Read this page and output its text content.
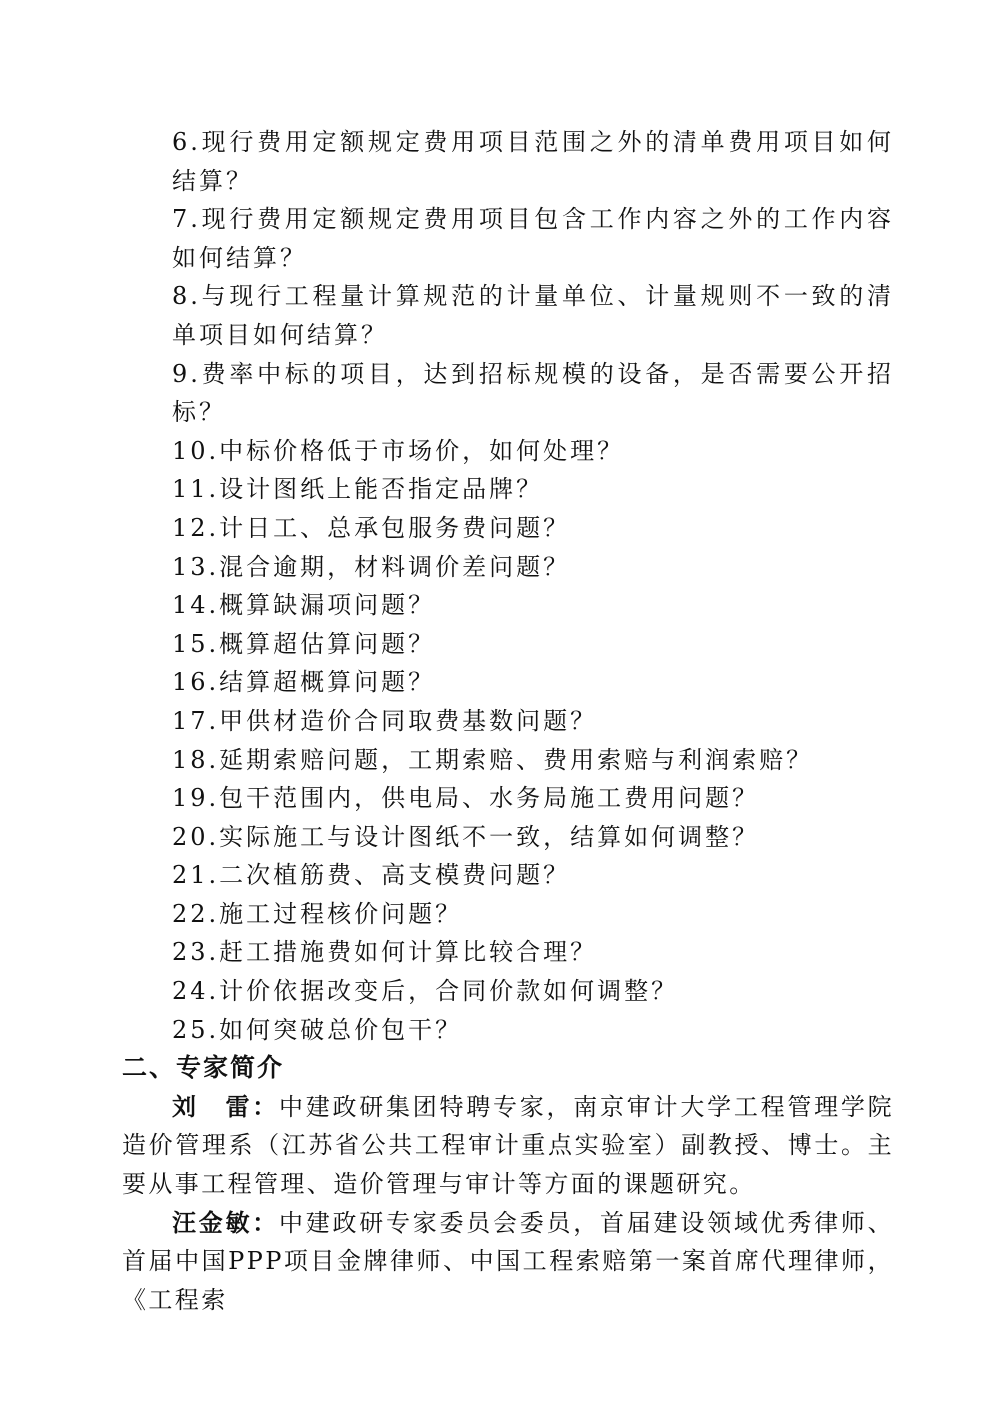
6.现行费用定额规定费用项目范围之外的清单费用项目如何结算？
7.现行费用定额规定费用项目包含工作内容之外的工作内容如何结算？
8.与现行工程量计算规范的计量单位、计量规则不一致的清单项目如何结算？
9.费率中标的项目，达到招标规模的设备，是否需要公开招标？
10.中标价格低于市场价，如何处理？
11.设计图纸上能否指定品牌？
12.计日工、总承包服务费问题？
13.混合逾期，材料调价差问题？
14.概算缺漏项问题？
15.概算超估算问题？
16.结算超概算问题？
17.甲供材造价合同取费基数问题？
18.延期索赔问题，工期索赔、费用索赔与利润索赔？
19.包干范围内，供电局、水务局施工费用问题？
20.实际施工与设计图纸不一致，结算如何调整？
21.二次植筋费、高支模费问题？
22.施工过程核价问题？
23.赶工措施费如何计算比较合理？
24.计价依据改变后，合同价款如何调整？
25.如何突破总价包干？
二、专家简介

刘　雷：中建政研集团特聘专家，南京审计大学工程管理学院造价管理系（江苏省公共工程审计重点实验室）副教授、博士。主要从事工程管理、造价管理与审计等方面的课题研究。

汪金敏：中建政研专家委员会委员，首届建设领域优秀律师、首届中国PPP项目金牌律师、中国工程索赔第一案首席代理律师，《工程索
